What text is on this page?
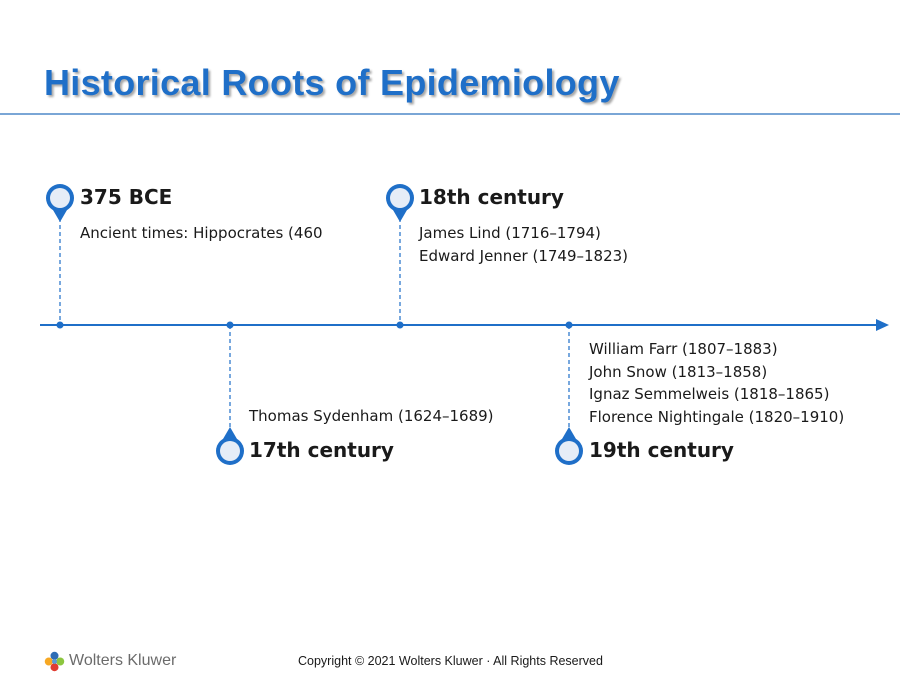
Historical Roots of Epidemiology
375 BCE
Ancient times: Hippocrates (460
Thomas Sydenham (1624–1689)
17th century
18th century
James Lind (1716–1794)
Edward Jenner (1749–1823)
William Farr (1807–1883)
John Snow (1813–1858)
Ignaz Semmelweis (1818–1865)
Florence Nightingale (1820–1910)
19th century
Wolters Kluwer	Copyright © 2021 Wolters Kluwer · All Rights Reserved
